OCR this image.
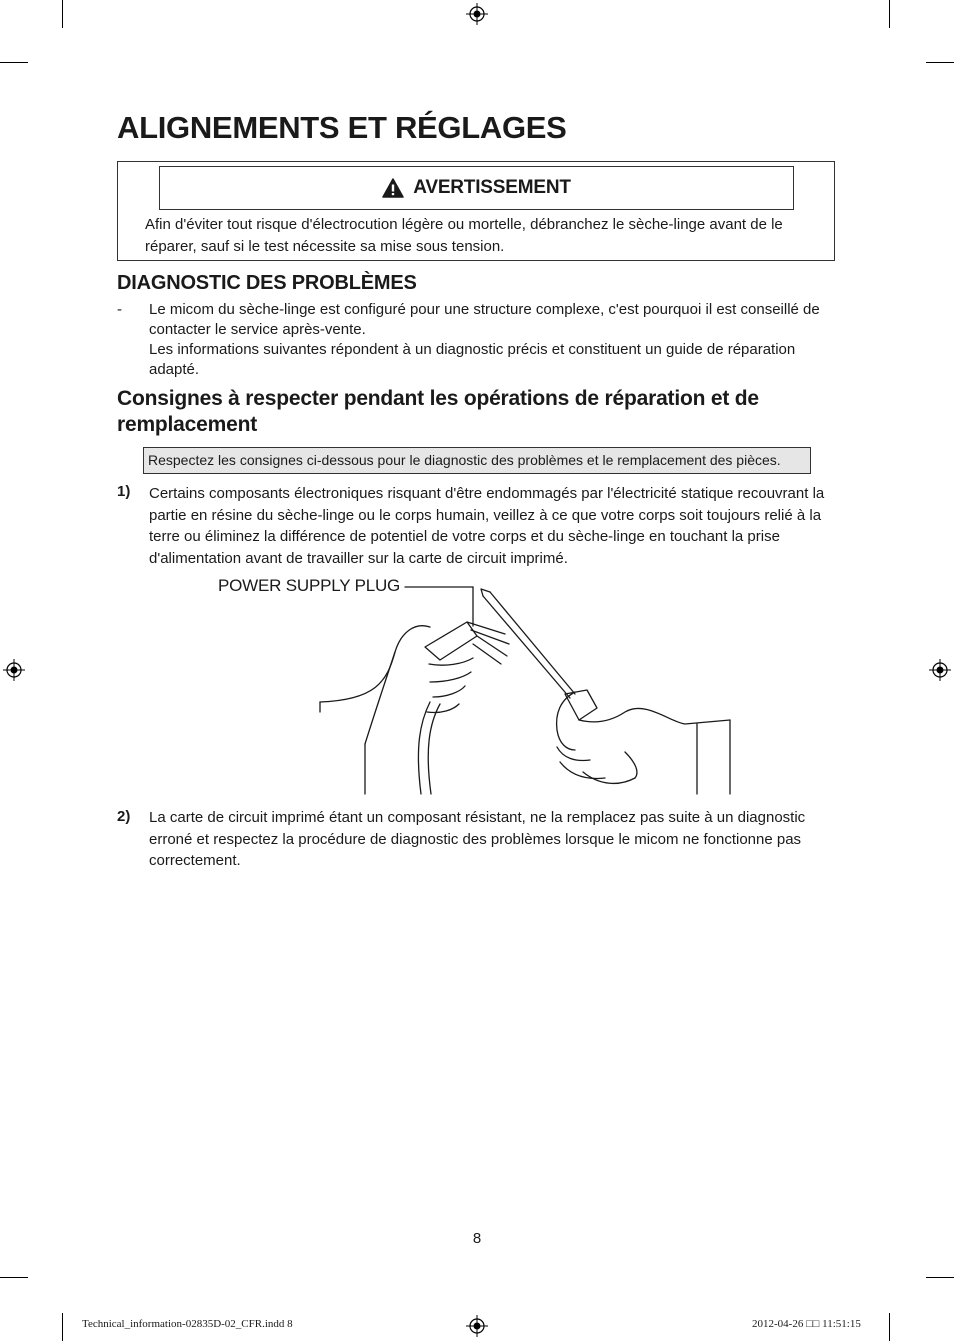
ALIGNEMENTS ET RÉGLAGES
AVERTISSEMENT
Afin d'éviter tout risque d'électrocution légère ou mortelle, débranchez le sèche-linge avant de le réparer, sauf si le test nécessite sa mise sous tension.
DIAGNOSTIC DES PROBLÈMES
- Le micom du sèche-linge est configuré pour une structure complexe, c'est pourquoi il est conseillé de contacter le service après-vente.

Les informations suivantes répondent à un diagnostic précis et constituent un guide de réparation adapté.

Consignes à respecter pendant les opérations de réparation et de remplacement
Respectez les consignes ci-dessous pour le diagnostic des problèmes et le remplacement des pièces.
1) Certains composants électroniques risquant d'être endommagés par l'électricité statique recouvrant la partie en résine du sèche-linge ou le corps humain, veillez à ce que votre corps soit toujours relié à la terre ou éliminez la différence de potentiel de votre corps et du sèche-linge en touchant la prise d'alimentation avant de travailler sur la carte de circuit imprimé.
POWER SUPPLY PLUG
2) La carte de circuit imprimé étant un composant résistant, ne la remplacez pas suite à un diagnostic erroné et respectez la procédure de diagnostic des problèmes lorsque le micom ne fonctionne pas correctement.
8
Technical_information-02835D-02_CFR.indd 8	2012-04-26 □□ 11:51:15
